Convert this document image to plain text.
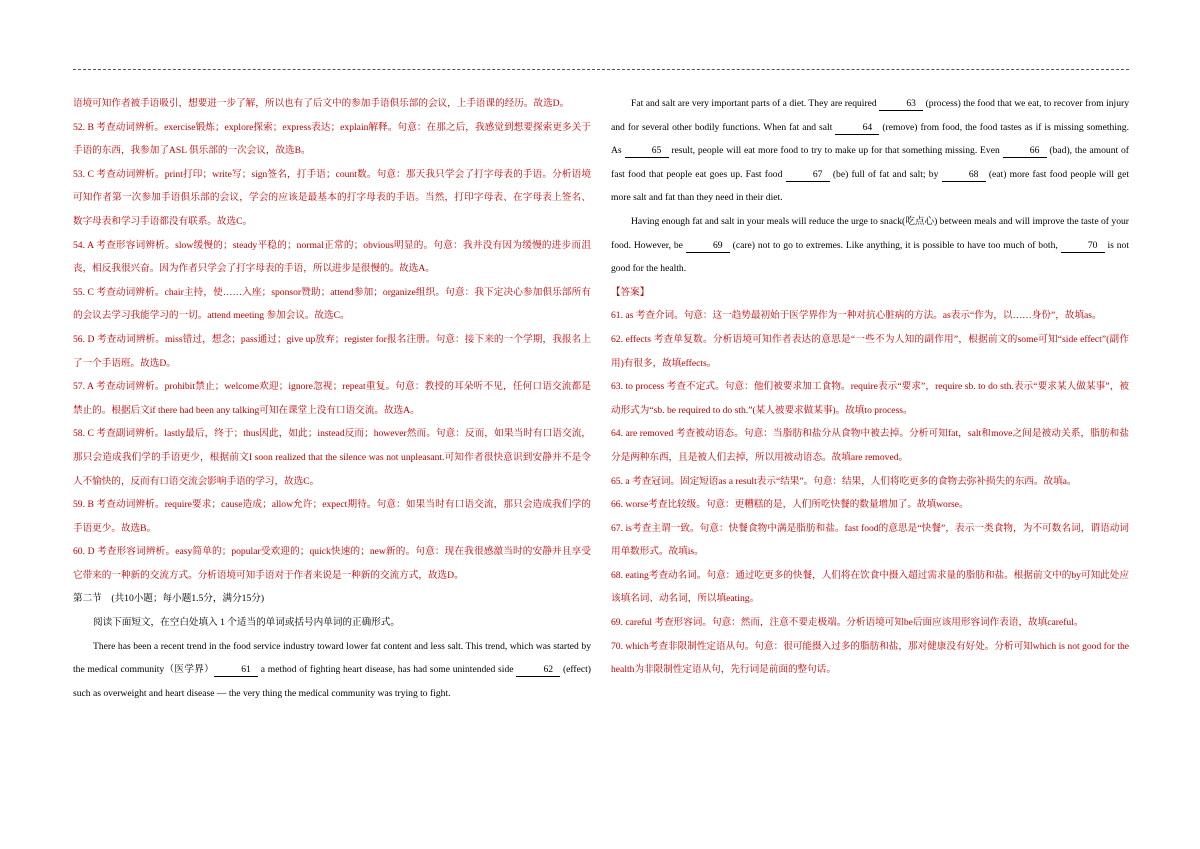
语境可知作者被手语吸引，想要进一步了解，所以也有了后文中的参加手语俱乐部的会议，上手语课的经历。故选D。

52. B 考查动词辨析。exercise锻炼；explore探索；express表达；explain解释。句意：在那之后，我感觉到想要探索更多关于手语的东西，我参加了ASL 俱乐部的一次会议，故选B。

53. C 考查动词辨析。print打印；write写；sign签名，打手语；count数。句意：那天我只学会了打字母表的手语。分析语境可知作者第一次参加手语俱乐部的会议，学会的应该是最基本的打字母表的手语。当然，打印字母表、在字母表上签名、数字母表和学习手语都没有联系。故选C。

54. A 考查形容词辨析。slow缓慢的；steady平稳的；normal正常的；obvious明显的。句意：我并没有因为缓慢的进步而沮丧，相反我很兴奋。因为作者只学会了打字母表的手语，所以进步是很慢的。故选A。

55. C 考查动词辨析。chair主持，使……入座；sponsor赞助；attend参加；organize组织。句意：我下定决心参加俱乐部所有的会议去学习我能学习的一切。attend meeting 参加会议。故选C。

56. D 考查动词辨析。miss错过，想念；pass通过；give up放弃；register for报名注册。句意：接下来的一个学期，我报名上了一个手语班。故选D。

57. A 考查动词辨析。prohibit禁止；welcome欢迎；ignore忽视；repeat重复。句意：教授的耳朵听不见，任何口语交流都是禁止的。根据后文if there had been any talking可知在课堂上没有口语交流。故选A。

58. C 考查副词辨析。lastly最后，终于；thus因此，如此；instead反而；however然而。句意：反而，如果当时有口语交流，那只会造成我们学的手语更少，根据前文I soon realized that the silence was not unpleasant.可知作者很快意识到安静并不是令人不愉快的，反而有口语交流会影响手语的学习，故选C。

59. B 考查动词辨析。require要求；cause造成；allow允许；expect期待。句意：如果当时有口语交流，那只会造成我们学的手语更少。故选B。

60. D 考查形容词辨析。easy简单的；popular受欢迎的；quick快速的；new新的。句意：现在我很感激当时的安静并且享受它带来的一种新的交流方式。分析语境可知手语对于作者来说是一种新的交流方式，故选D。

第二节　(共10小题；每小题1.5分，满分15分)

阅读下面短文，在空白处填入 1 个适当的单词或括号内单词的正确形式。

There has been a recent trend in the food service industry toward lower fat content and less salt. This trend, which was started by the medical community（医学界）	61 a method of fighting heart disease, has had some unintended side	62 (effect) such as overweight and heart disease — the very thing the medical community was trying to fight.

Fat and salt are very important parts of a diet. They are required	63 (process) the food that we eat, to recover from injury and for several other bodily functions. When fat and salt	64 (remove) from food, the food tastes as if is missing something. As	65 result, people will eat more food to try to make up for that something missing. Even	66 (bad), the amount of fast food that people eat goes up. Fast food	67 (be) full of fat and salt; by	68 (eat) more fast food people will get more salt and fat than they need in their diet.

Having enough fat and salt in your meals will reduce the urge to snack(吃点心) between meals and will improve the taste of your food. However, be	69 (care) not to go to extremes. Like anything, it is possible to have too much of both,	70 is not good for the health.

【答案】

61. as 考查介词。句意：这一趋势最初始于医学界作为一种对抗心脏病的方法。as表示“作为，以……身份”，故填as。

62. effects 考查单复数。分析语境可知作者表达的意思是“一些不为人知的副作用”，根据前文的some可知“side effect”(副作用)有很多，故填effects。

63. to process 考查不定式。句意：他们被要求加工食物。require表示“要求”，require sb. to do sth.表示“要求某人做某事”，被动形式为“sb. be required to do sth.”(某人被要求做某事)。故填to process。

64. are removed 考查被动语态。句意：当脂肪和盐分从食物中被去掉。分析可知fat，salt和move之间是被动关系，脂肪和盐分是两种东西，且是被人们去掉，所以用被动语态。故填are removed。

65. a 考查冠词。固定短语as a result表示“结果”。句意：结果，人们将吃更多的食物去弥补损失的东西。故填a。

66. worse考查比较级。句意：更糟糕的是，人们所吃快餐的数量增加了。故填worse。

67. is考查主谓一致。句意：快餐食物中满是脂肪和盐。fast food的意思是“快餐”，表示一类食物，为不可数名词，谓语动词用单数形式。故填is。

68. eating考查动名词。句意：通过吃更多的快餐，人们将在饮食中摄入超过需求量的脂肪和盐。根据前文中的by可知此处应该填名词、动名词，所以填eating。

69. careful 考查形容词。句意：然而，注意不要走极端。分析语境可知be后面应该用形容词作表语，故填careful。

70. which考查非限制性定语从句。句意：很可能摄入过多的脂肪和盐，那对健康没有好处。分析可知which is not good for the health为非限制性定语从句，先行词是前面的整句话。
